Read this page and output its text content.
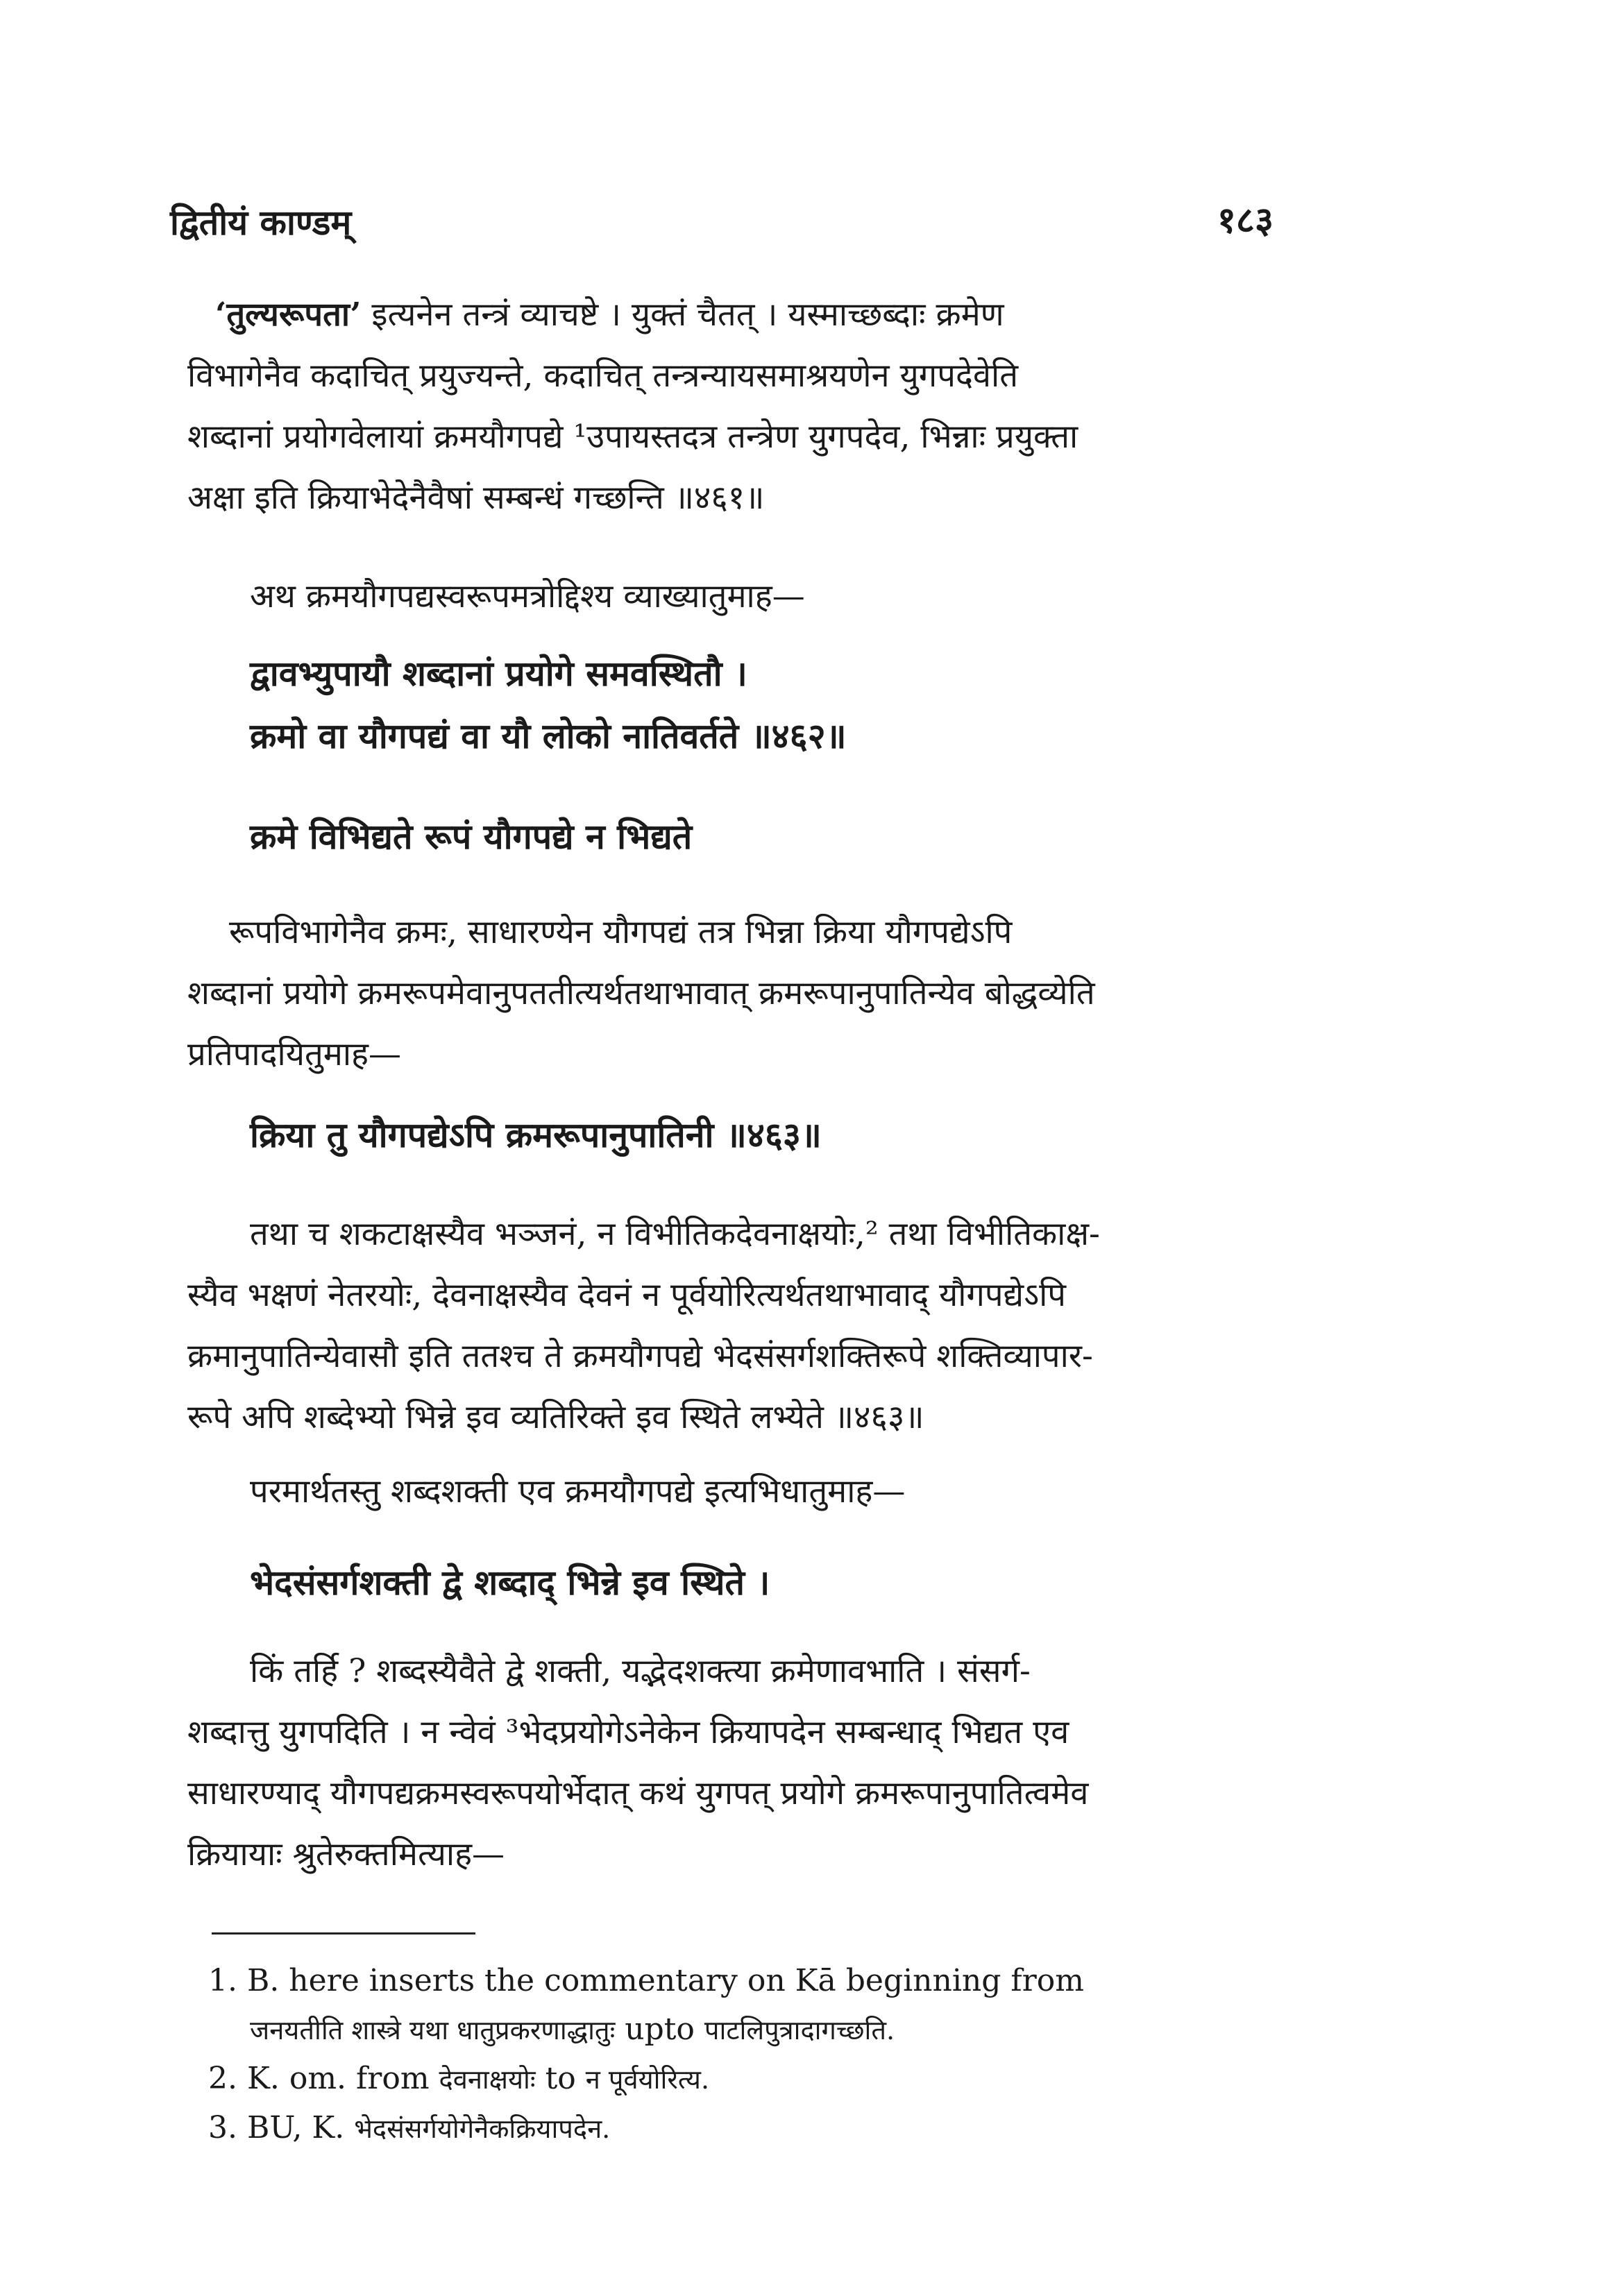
द्वितीयं काण्डम्	१८३
‘तुल्यरूपता’ इत्यनेन तन्त्रं व्याचष्टे । युक्तं चैतत् । यस्माच्छब्दाः क्रमेण
विभागेनैव कदाचित् प्रयुज्यन्ते, कदाचित् तन्त्रन्यायसमाश्रयणेन युगपदेवेति
शब्दानां प्रयोगवेलायां क्रमयौगपद्ये ¹उपायस्तदत्र तन्त्रेण युगपदेव, भिन्नाः प्रयुक्ता
अक्षा इति क्रियाभेदेनैवैषां सम्बन्धं गच्छन्ति ॥४६१॥
अथ क्रमयौगपद्यस्वरूपमत्रोद्दिश्य व्याख्यातुमाह—
द्वावभ्युपायौ शब्दानां प्रयोगे समवस्थितौ ।
क्रमो वा यौगपद्यं वा यौ लोको नातिवर्तते ॥४६२॥
क्रमे विभिद्यते रूपं यौगपद्ये न भिद्यते
रूपविभागेनैव क्रमः, साधारण्येन यौगपद्यं तत्र भिन्ना क्रिया यौगपद्येऽपि
शब्दानां प्रयोगे क्रमरूपमेवानुपततीत्यर्थतथाभावात् क्रमरूपानुपातिन्येव बोद्धव्येति
प्रतिपादयितुमाह—
क्रिया तु यौगपद्येऽपि क्रमरूपानुपातिनी ॥४६३॥
तथा च शकटाक्षस्यैव भञ्जनं, न विभीतिकदेवनाक्षयोः,² तथा विभीतिकाक्ष-
स्यैव भक्षणं नेतरयोः, देवनाक्षस्यैव देवनं न पूर्वयोरित्यर्थतथाभावाद् यौगपद्येऽपि
क्रमानुपातिन्येवासौ इति ततश्च ते क्रमयौगपद्ये भेदसंसर्गशक्तिरूपे शक्तिव्यापार-
रूपे अपि शब्देभ्यो भिन्ने इव व्यतिरिक्ते इव स्थिते लभ्येते ॥४६३॥
परमार्थतस्तु शब्दशक्ती एव क्रमयौगपद्ये इत्यभिधातुमाह—
भेदसंसर्गशक्ती द्वे शब्दाद् भिन्ने इव स्थिते ।
किं तर्हि ? शब्दस्यैवैते द्वे शक्ती, यद्भेदशक्त्या क्रमेणावभाति । संसर्ग-
शब्दात्तु युगपदिति । न न्वेवं ³भेदप्रयोगेऽनेकेन क्रियापदेन सम्बन्धाद् भिद्यत एव
साधारण्याद् यौगपद्यक्रमस्वरूपयोर्भेदात् कथं युगपत् प्रयोगे क्रमरूपानुपातित्वमेव
क्रियायाः श्रुतेरुक्तमित्याह—
1. B. here inserts the commentary on Kā beginning from
जनयतीति शास्त्रे यथा धातुप्रकरणाद्धातुः upto पाटलिपुत्रादागच्छति.
2. K. om. from देवनाक्षयोः to न पूर्वयोरित्य.
3. BU, K. भेदसंसर्गयोगेनैकक्रियापदेन.
